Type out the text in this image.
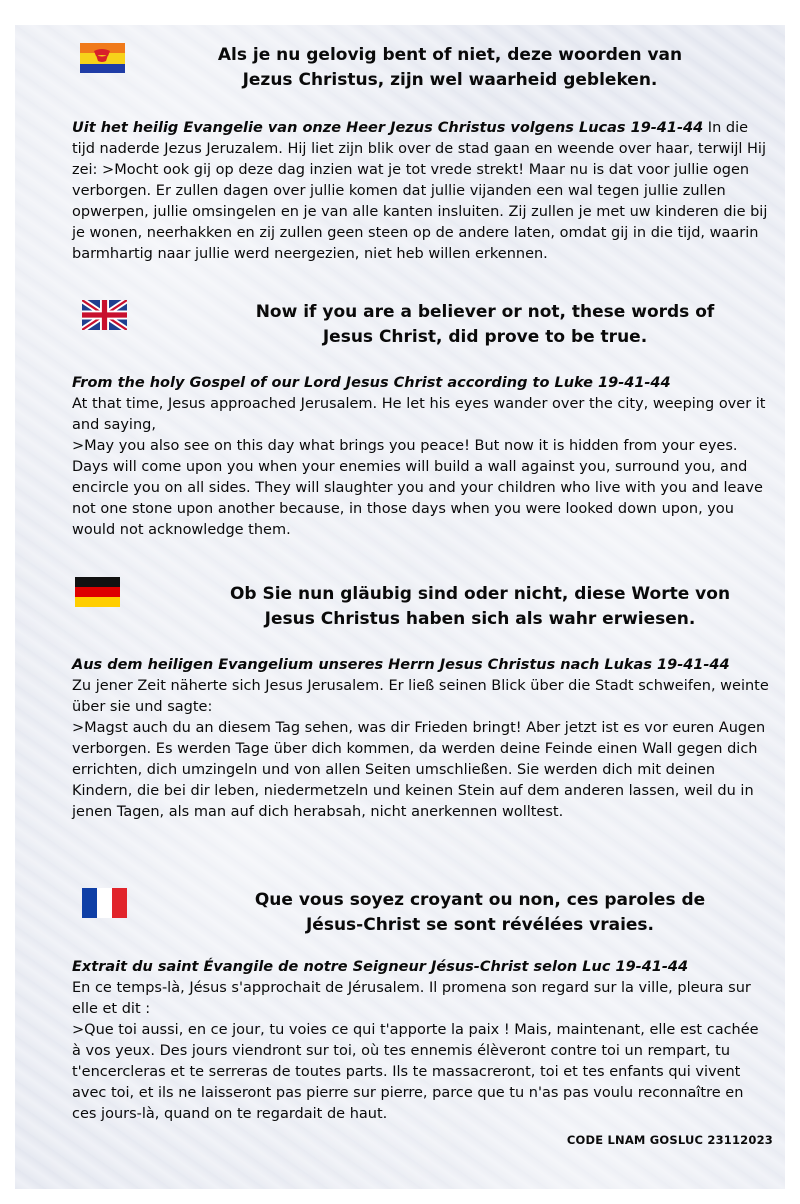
Als je nu gelovig bent of niet, deze woorden van
Jezus Christus, zijn wel waarheid gebleken.
Uit het heilig Evangelie van onze Heer Jezus Christus volgens Lucas 19-41-44 In die tijd naderde Jezus Jeruzalem. Hij liet zijn blik over de stad gaan en weende over haar, terwijl Hij zei: >Mocht ook gij op deze dag inzien wat je tot vrede strekt! Maar nu is dat voor jullie ogen verborgen. Er zullen dagen over jullie komen dat jullie vijanden een wal tegen jullie zullen opwerpen, jullie omsingelen en je van alle kanten insluiten. Zij zullen je met uw kinderen die bij je wonen, neerhakken en zij zullen geen steen op de andere laten, omdat gij in die tijd, waarin barmhartig naar jullie werd neergezien, niet heb willen erkennen.
Now if you are a believer or not, these words of
Jesus Christ, did prove to be true.
From the holy Gospel of our Lord Jesus Christ according to Luke 19-41-44
At that time, Jesus approached Jerusalem. He let his eyes wander over the city, weeping over it and saying,
>May you also see on this day what brings you peace! But now it is hidden from your eyes. Days will come upon you when your enemies will build a wall against you, surround you, and encircle you on all sides. They will slaughter you and your children who live with you and leave not one stone upon another because, in those days when you were looked down upon, you would not acknowledge them.
Ob Sie nun gläubig sind oder nicht, diese Worte von
Jesus Christus haben sich als wahr erwiesen.
Aus dem heiligen Evangelium unseres Herrn Jesus Christus nach Lukas 19-41-44
Zu jener Zeit näherte sich Jesus Jerusalem. Er ließ seinen Blick über die Stadt schweifen, weinte über sie und sagte:
>Magst auch du an diesem Tag sehen, was dir Frieden bringt! Aber jetzt ist es vor euren Augen verborgen. Es werden Tage über dich kommen, da werden deine Feinde einen Wall gegen dich errichten, dich umzingeln und von allen Seiten umschließen. Sie werden dich mit deinen Kindern, die bei dir leben, niedermetzeln und keinen Stein auf dem anderen lassen, weil du in jenen Tagen, als man auf dich herabsah, nicht anerkennen wolltest.
Que vous soyez croyant ou non, ces paroles de
Jésus-Christ se sont révélées vraies.
Extrait du saint Évangile de notre Seigneur Jésus-Christ selon Luc 19-41-44
En ce temps-là, Jésus s'approchait de Jérusalem. Il promena son regard sur la ville, pleura sur elle et dit :
>Que toi aussi, en ce jour, tu voies ce qui t'apporte la paix ! Mais, maintenant, elle est cachée à vos yeux. Des jours viendront sur toi, où tes ennemis élèveront contre toi un rempart, tu t'encercleras et te serreras de toutes parts. Ils te massacreront, toi et tes enfants qui vivent avec toi, et ils ne laisseront pas pierre sur pierre, parce que tu n'as pas voulu reconnaître en ces jours-là, quand on te regardait de haut.
CODE LNAM GOSLUC 23112023
